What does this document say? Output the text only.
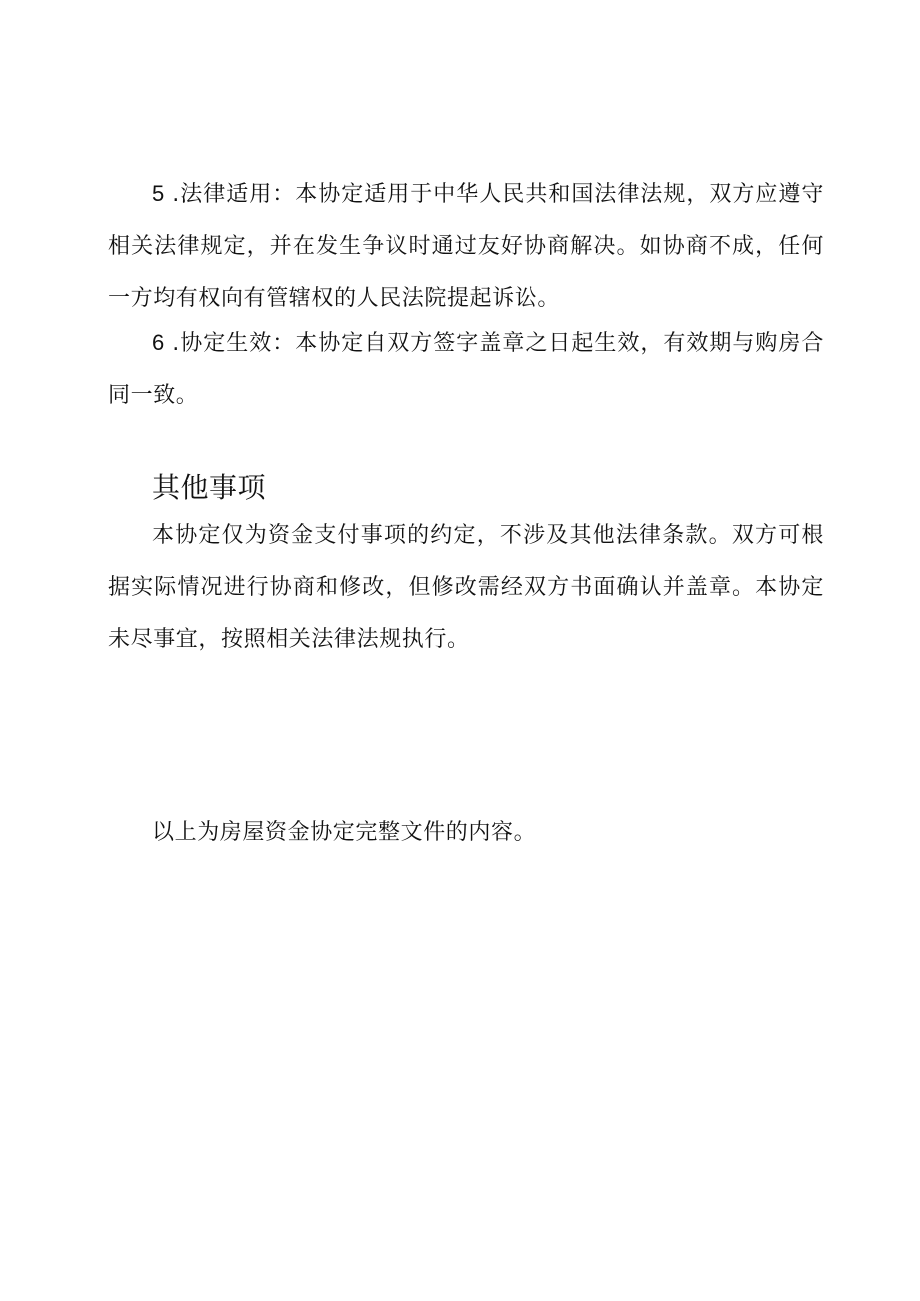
5 .法律适用：本协定适用于中华人民共和国法律法规，双方应遵守相关法律规定，并在发生争议时通过友好协商解决。如协商不成，任何一方均有权向有管辖权的人民法院提起诉讼。

6 .协定生效：本协定自双方签字盖章之日起生效，有效期与购房合同一致。

其他事项

本协定仅为资金支付事项的约定，不涉及其他法律条款。双方可根据实际情况进行协商和修改，但修改需经双方书面确认并盖章。本协定未尽事宜，按照相关法律法规执行。

以上为房屋资金协定完整文件的内容。
